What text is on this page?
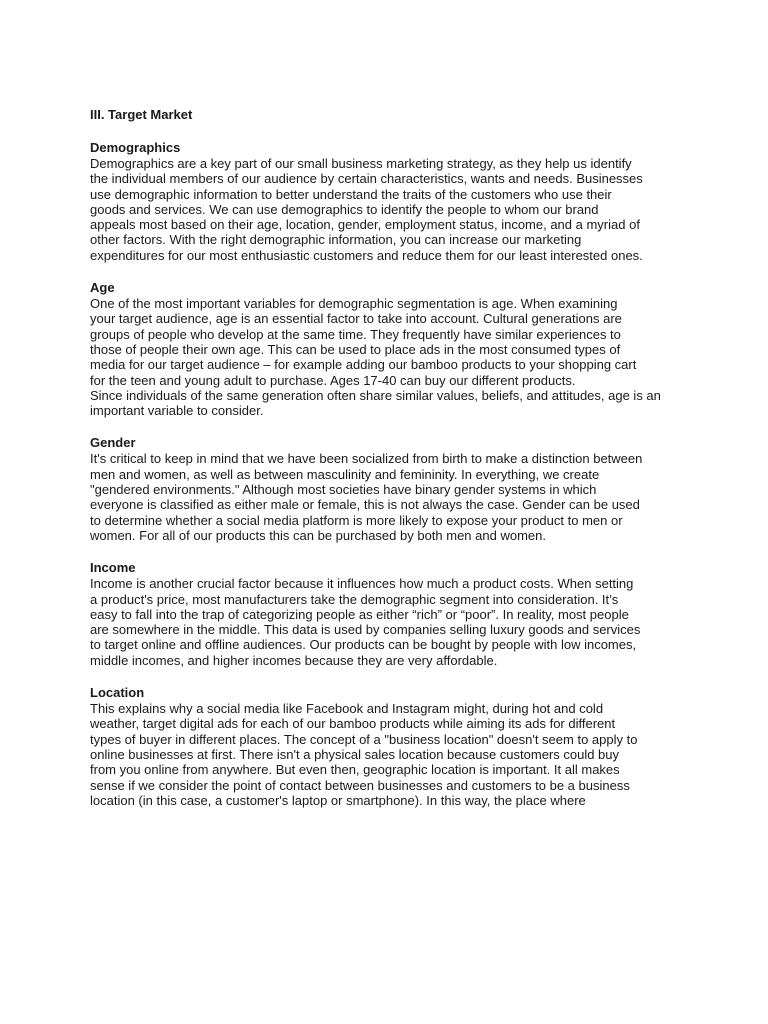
III. Target Market
Demographics

Demographics are a key part of our small business marketing strategy, as they help us identify
the individual members of our audience by certain characteristics, wants and needs. Businesses
use demographic information to better understand the traits of the customers who use their
goods and services. We can use demographics to identify the people to whom our brand
appeals most based on their age, location, gender, employment status, income, and a myriad of
other factors. With the right demographic information, you can increase our marketing
expenditures for our most enthusiastic customers and reduce them for our least interested ones.

Age

One of the most important variables for demographic segmentation is age. When examining
your target audience, age is an essential factor to take into account. Cultural generations are
groups of people who develop at the same time. They frequently have similar experiences to
those of people their own age. This can be used to place ads in the most consumed types of
media for our target audience – for example adding our bamboo products to your shopping cart
for the teen and young adult to purchase. Ages 17-40 can buy our different products.
Since individuals of the same generation often share similar values, beliefs, and attitudes, age is an
important variable to consider.

Gender

It's critical to keep in mind that we have been socialized from birth to make a distinction between
men and women, as well as between masculinity and femininity. In everything, we create
"gendered environments." Although most societies have binary gender systems in which
everyone is classified as either male or female, this is not always the case. Gender can be used
to determine whether a social media platform is more likely to expose your product to men or
women. For all of our products this can be purchased by both men and women.

Income

Income is another crucial factor because it influences how much a product costs. When setting
a product's price, most manufacturers take the demographic segment into consideration. It’s
easy to fall into the trap of categorizing people as either “rich” or “poor”. In reality, most people
are somewhere in the middle. This data is used by companies selling luxury goods and services
to target online and offline audiences. Our products can be bought by people with low incomes,
middle incomes, and higher incomes because they are very affordable.

Location

This explains why a social media like Facebook and Instagram might, during hot and cold
weather, target digital ads for each of our bamboo products while aiming its ads for different
types of buyer in different places. The concept of a "business location" doesn't seem to apply to
online businesses at first. There isn't a physical sales location because customers could buy
from you online from anywhere. But even then, geographic location is important. It all makes
sense if we consider the point of contact between businesses and customers to be a business
location (in this case, a customer's laptop or smartphone). In this way, the place where
